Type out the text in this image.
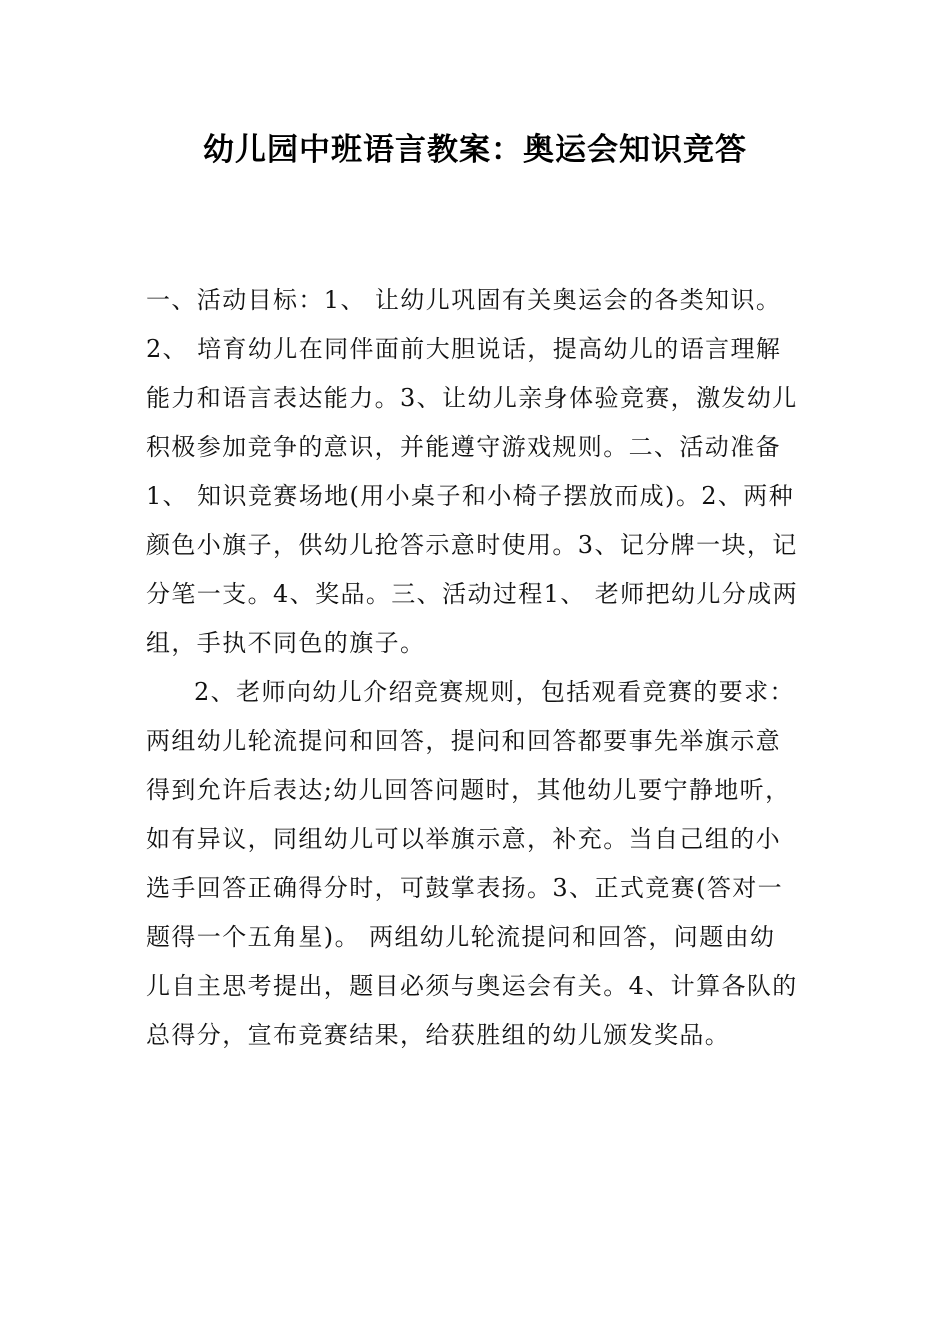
幼儿园中班语言教案：奥运会知识竞答

一、活动目标：1、 让幼儿巩固有关奥运会的各类知识。
2、 培育幼儿在同伴面前大胆说话，提高幼儿的语言理解
能力和语言表达能力。3、让幼儿亲身体验竞赛，激发幼儿
积极参加竞争的意识，并能遵守游戏规则。二、活动准备
1、 知识竞赛场地(用小桌子和小椅子摆放而成)。2、两种
颜色小旗子，供幼儿抢答示意时使用。3、记分牌一块，记
分笔一支。4、奖品。三、活动过程1、 老师把幼儿分成两
组，手执不同色的旗子。

2、老师向幼儿介绍竞赛规则，包括观看竞赛的要求：
两组幼儿轮流提问和回答，提问和回答都要事先举旗示意
得到允许后表达;幼儿回答问题时，其他幼儿要宁静地听，
如有异议，同组幼儿可以举旗示意，补充。当自己组的小
选手回答正确得分时，可鼓掌表扬。3、正式竞赛(答对一
题得一个五角星)。 两组幼儿轮流提问和回答，问题由幼
儿自主思考提出，题目必须与奥运会有关。4、计算各队的
总得分，宣布竞赛结果，给获胜组的幼儿颁发奖品。
